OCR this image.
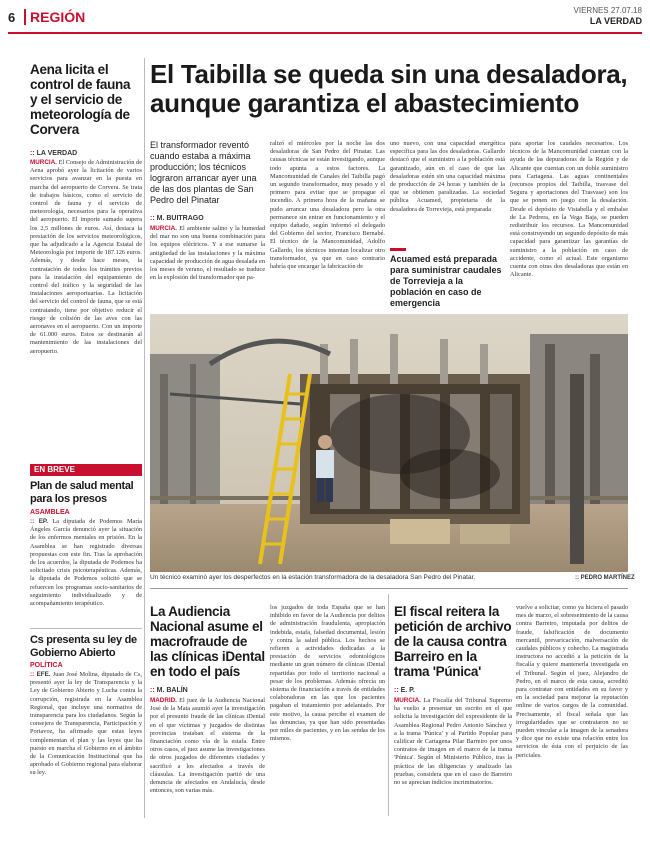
6	REGIÓN	VIERNES 27.07.18
LA VERDAD
Aena licita el control de fauna y el servicio de meteorología de Corvera
:: LA VERDAD
MURCIA. El Consejo de Administración de Aena aprobó ayer la licitación de varios servicios para avanzar en la puesta en marcha del aeropuerto de Corvera. Se trata de trabajos básicos, como el servicio de control de fauna y el servicio de meteorología, necesarios para la operativa del aeropuerto. El importe sumado supera los 2,5 millones de euros. Así, destaca la prestación de los servicios meteorológicos, que ha adjudicado a la Agencia Estatal de Meteorología por importe de 187.126 euros. Además, y desde hace meses, la contratación de todos los trámites previos para la instalación del equipamiento de control del tráfico y la seguridad de las instalaciones aeroportuarias. La licitación del servicio del control de fauna, que se está contratando, tiene por objetivo reducir el riesgo de colisión de las aves con las aeronaves en el aeropuerto. Con un importe de 61.000 euros. Estos se destinarán al mantenimiento de las instalaciones del aeropuerto.
EN BREVE
Plan de salud mental para los presos
ASAMBLEA
:: EP. La diputada de Podemos María Ángeles García denunció ayer la situación de los enfermos mentales en prisión. En la Asamblea se han registrado diversas propuestas con este fin. Tras la aprobación de los acuerdos, la diputada de Podemos ha solicitado crisis psicoterapéuticas. Además, la diputada de Podemos solicitó que se refuercen los programas socio-sanitarios de seguimiento individualizado y de acompañamiento terapéutico.
Cs presenta su ley de Gobierno Abierto
POLÍTICA
:: EFE. Juan José Molina, diputado de Cs, presentó ayer la ley de Transparencia y la Ley de Gobierno Abierto y Lucha contra la corrupción, registrada en la Asamblea Regional, que incluye una normativa de transparencia para los ciudadanos. Según la consejera de Transparencia, Participación y Portavoz, ha afirmado que estas leyes complementan el plan y las leyes que ha puesto en marcha el Gobierno en el ámbito de la Comunicación Institucional que ha aprobado el Gobierno regional para elaborar su ley.
El Taibilla se queda sin una desaladora,
aunque garantiza el abastecimiento
El transformador reventó cuando estaba a máxima producción; los técnicos lograron arrancar ayer una de las dos plantas de San Pedro del Pinatar
:: M. BUITRAGO
MURCIA. El ambiente salino y la humedad del mar no son una buena combinación para los equipos eléctricos. Y a ese sumarse la antigüedad de las instalaciones y la máxima capacidad de producción de agua desalada en los meses de verano, el resultado se traduce en la explosión del transformador que pa-
ralizó el miércoles por la noche las dos desaladoras de San Pedro del Pinatar. Las causas técnicas se están investigando, aunque todo apunta a estos factores. La Mancomunidad de Canales del Taibilla pagó un segundo transformador, muy pesado y el primero para evitar que se propague el incendio. A primera hora de la mañana se pudo arrancar una desaladora pero la otra permanece sin entrar en funcionamiento y el equipo dañado, según informó el delegado del Gobierno del sector, Francisco Bernabé. El técnico de la Mancomunidad, Adolfo Gallardo, los técnicos intentan localizar otro transformador, ya que en caso contrario habría que encargar la fabricación de
uno nuevo, con una capacidad energética específica para las dos desaladoras. Gallardo destacó que el suministro a la población está garantizado, aún en el caso de que las desaladoras estén sin una capacidad máxima de producción de 24 horas y también de la que se obtienen paralizadas. La sociedad pública Acuamed, propietaria de la desaladora de Torrevieja, está preparada
Acuamed está preparada para suministrar caudales de Torrevieja a la población en caso de emergencia
para aportar los caudales necesarios. Los técnicos de la Mancomunidad cuentan con la ayuda de las depuradoras de la Región y de Alicante que cuentan con un doble suministro para Cartagena. Las aguas continentales (recursos propios del Taibilla, trasvase del Segura y aportaciones del Trasvase) son los que se ponen en juego con la desalación. Desde el depósito de Vistabella y el embalse de La Pedrera, en la Vega Baja, se pueden redistribuir los recursos. La Mancomunidad está construyendo un segundo depósito de más capacidad para garantizar las garantías de suministro a la población en caso de accidente, como el actual. Este organismo cuenta con otras dos desaladoras que están en Alicante.
Un técnico examinó ayer los desperfectos en la estación transformadora de la desaladora San Pedro del Pinatar.	:: PEDRO MARTÍNEZ
La Audiencia Nacional asume el macrofraude de las clínicas iDental en todo el país
:: M. BALÍN
MADRID. El juez de la Audiencia Nacional José de la Mata asumió ayer la investigación por el presunto fraude de las clínicas iDental en el que víctimas y juzgados de distintas provincias trataban el sistema de la financiación como vía de la estafa. Entre otros casos, el juez asume las investigaciones de otros juzgados de diferentes ciudades y sacrificó a los afectados a través de cláusulas. La investigación partió de una denuncia de afectados en Andalucía, desde entonces, son varias más.
los juzgados de toda España que se han inhibido en favor de la Audiencia por delitos de administración fraudulenta, apropiación indebida, estafa, falsedad documental, lesión y contra la salud pública. Los hechos se refieren a actividades dedicadas a la prestación de servicios odontológicos mediante un gran número de clínicas iDental repartidas por todo el territorio nacional a pesar de los problemas. Además ofrecía un sistema de financiación a través de entidades colaboradoras en las que los pacientes pagaban el tratamiento por adelantado. Por este motivo, la causa percibe el examen de las denuncias, ya que han sido presentadas por miles de pacientes, y en las sendas de los mismos.
El fiscal reitera la petición de archivo de la causa contra Barreiro en la trama 'Púnica'
:: E. P.
MURCIA. La Fiscalía del Tribunal Supremo ha vuelto a presentar un escrito en el que solicita la investigación del expresidente de la Asamblea Regional Pedro Antonio Sánchez y a la trama 'Púnica' y al Partido Popular para calificar de Cartagena Pilar Barreiro por unos contratos de imagen en el marco de la trama 'Púnica'. Según el Ministerio Público, tras la práctica de las diligencias y analizado las pruebas, considera que en el caso de Barreiro no se aprecian indicios incriminatorios.
vuelve a solicitar, como ya hiciera el pasado mes de marzo, el sobreseimiento de la causa contra Barreiro, imputada por delitos de fraude, falsificación de documento mercantil, prevaricación, malversación de caudales públicos y cohecho. La magistrada instructora no accedió a la petición de la fiscalía y quiere mantenerla investigada en el Tribunal. Según el juez, Alejandro de Pedro, en el marco de esta causa, acreditó para contratar con entidades en su favor y en la sociedad para mejorar la reputación online de varios cargos de la comunidad. Precisamente, el fiscal señala que las irregularidades que se contrataron no se pueden vincular a la imagen de la senadora y dice que no existe una relación entre los servicios de ésta con el perjuicio de las periciales.
